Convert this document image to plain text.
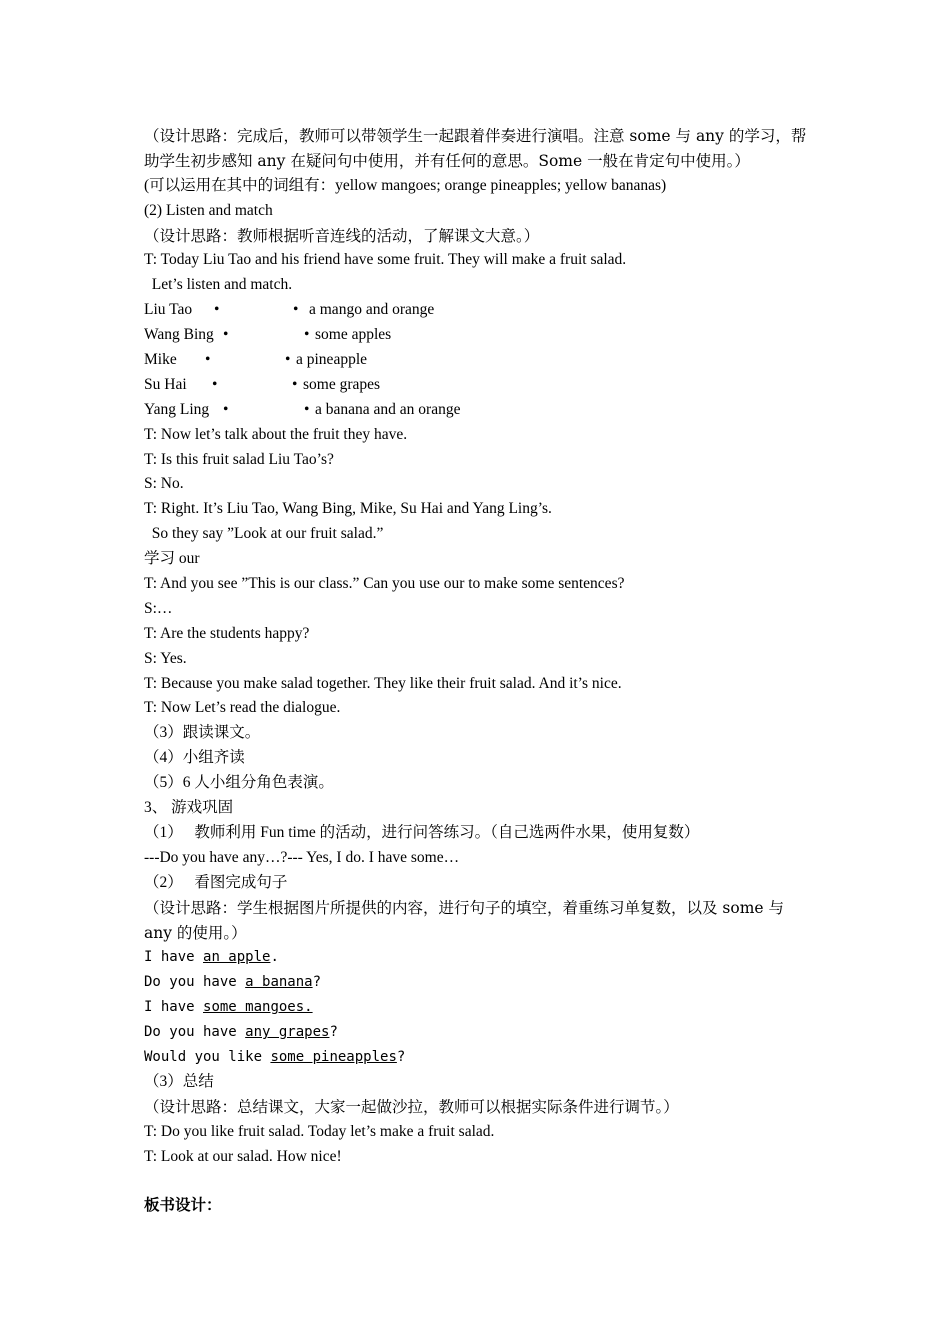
（设计思路：完成后，教师可以带领学生一起跟着伴奏进行演唱。注意 some 与 any 的学习，帮
助学生初步感知 any 在疑问句中使用，并有任何的意思。Some 一般在肯定句中使用。）
(可以运用在其中的词组有：yellow mangoes; orange pineapples; yellow bananas)
(2) Listen and match
（设计思路：教师根据听音连线的活动，了解课文大意。）
T: Today Liu Tao and his friend have some fruit. They will make a fruit salad.
Let’s listen and match.
Liu Tao •	• a mango and orange
Wang Bing •	• some apples
Mike •	• a pineapple
Su Hai •	• some grapes
Yang Ling •	• a banana and an orange
T: Now let’s talk about the fruit they have.
T: Is this fruit salad Liu Tao’s?
S: No.
T: Right. It’s Liu Tao, Wang Bing, Mike, Su Hai and Yang Ling’s.
So they say ”Look at our fruit salad.”
学习 our
T: And you see ”This is our class.” Can you use our to make some sentences?
S:…
T: Are the students happy?
S: Yes.
T: Because you make salad together. They like their fruit salad. And it’s nice.
T: Now Let’s read the dialogue.
（3）跟读课文。
（4）小组齐读
（5）6 人小组分角色表演。
3、 游戏巩固
（1）   教师利用 Fun time 的活动，进行问答练习。（自己选两件水果，使用复数）
---Do you have any…?--- Yes, I do. I have some…
（2）   看图完成句子
（设计思路：学生根据图片所提供的内容，进行句子的填空，着重练习单复数，以及 some 与
any 的使用。）
I have an apple.
Do you have a banana?
I have some mangoes.
Do you have any grapes?
Would you like some pineapples?
（3）总结
（设计思路：总结课文，大家一起做沙拉，教师可以根据实际条件进行调节。）
T: Do you like fruit salad. Today let’s make a fruit salad.
T: Look at our salad. How nice!
板书设计：
